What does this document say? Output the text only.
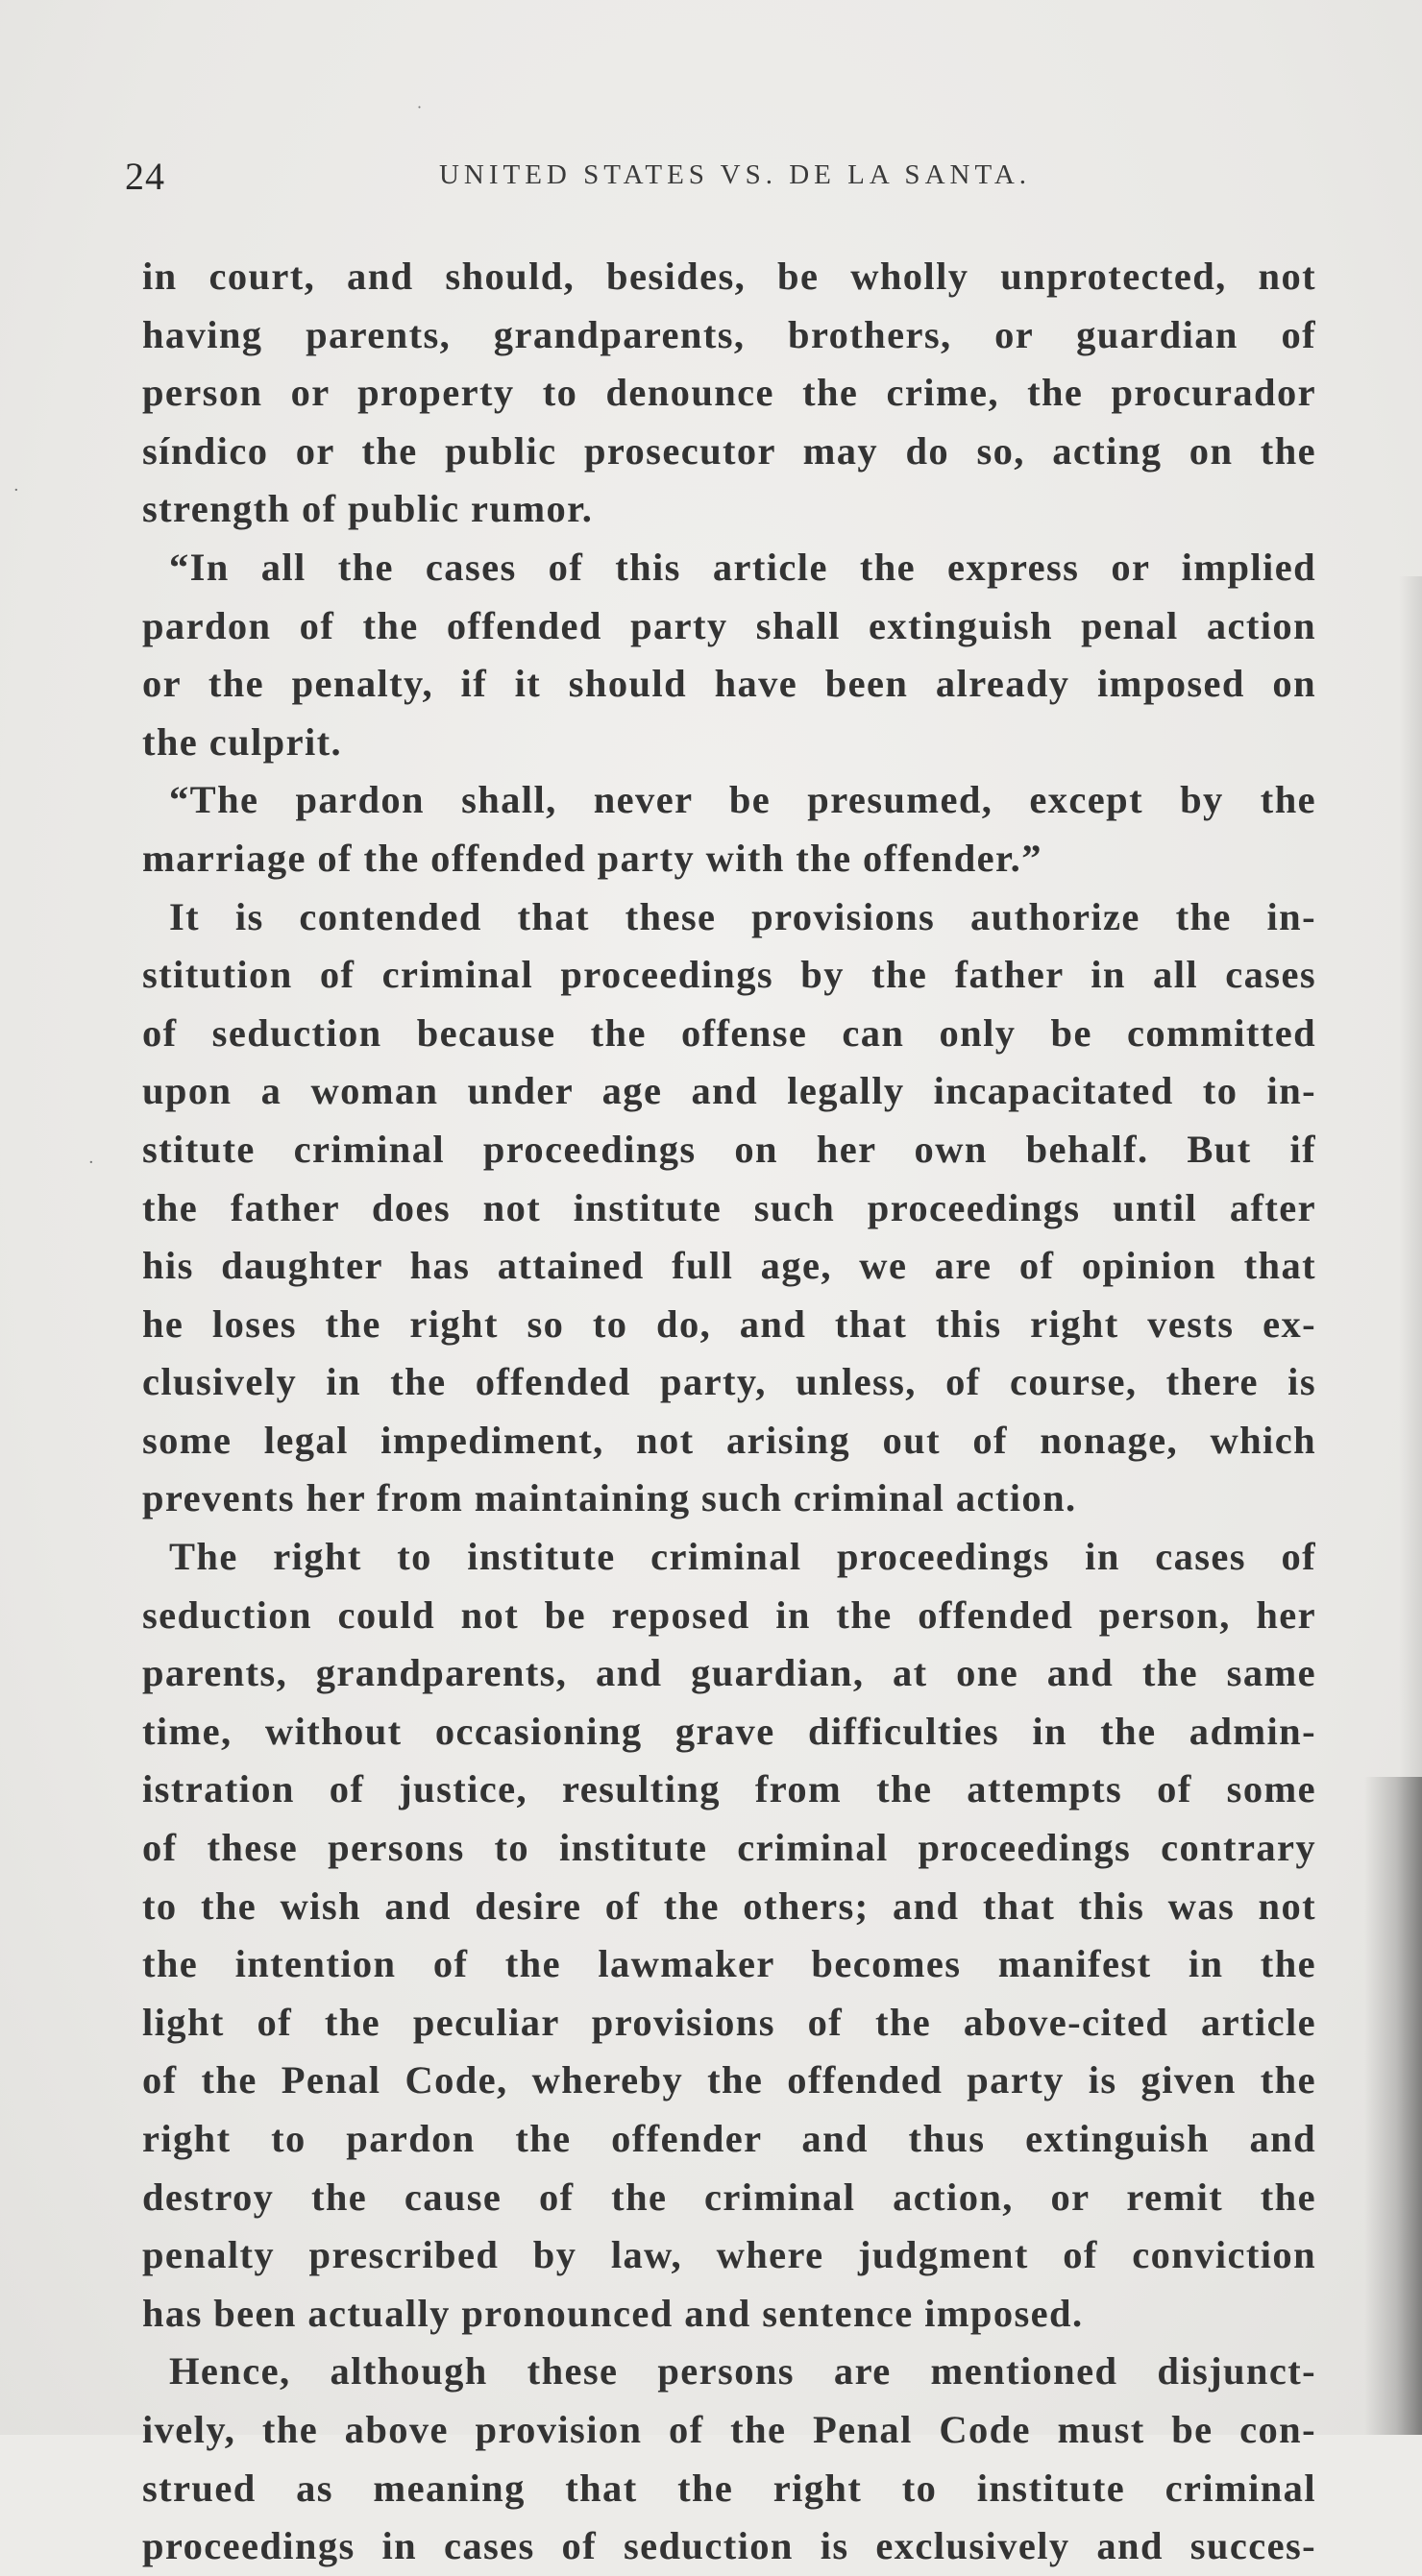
24	UNITED STATES VS. DE LA SANTA.
in court, and should, besides, be wholly unprotected, not
having parents, grandparents, brothers, or guardian of
person or property to denounce the crime, the procurador
síndico or the public prosecutor may do so, acting on the
strength of public rumor.
“In all the cases of this article the express or implied
pardon of the offended party shall extinguish penal action
or the penalty, if it should have been already imposed on
the culprit.
“The pardon shall, never be presumed, except by the
marriage of the offended party with the offender.”
It is contended that these provisions authorize the in-
stitution of criminal proceedings by the father in all cases
of seduction because the offense can only be committed
upon a woman under age and legally incapacitated to in-
stitute criminal proceedings on her own behalf. But if
the father does not institute such proceedings until after
his daughter has attained full age, we are of opinion that
he loses the right so to do, and that this right vests ex-
clusively in the offended party, unless, of course, there is
some legal impediment, not arising out of nonage, which
prevents her from maintaining such criminal action.
The right to institute criminal proceedings in cases of
seduction could not be reposed in the offended person, her
parents, grandparents, and guardian, at one and the same
time, without occasioning grave difficulties in the admin-
istration of justice, resulting from the attempts of some
of these persons to institute criminal proceedings contrary
to the wish and desire of the others; and that this was not
the intention of the lawmaker becomes manifest in the
light of the peculiar provisions of the above-cited article
of the Penal Code, whereby the offended party is given the
right to pardon the offender and thus extinguish and
destroy the cause of the criminal action, or remit the
penalty prescribed by law, where judgment of conviction
has been actually pronounced and sentence imposed.
Hence, although these persons are mentioned disjunct-
ively, the above provision of the Penal Code must be con-
strued as meaning that the right to institute criminal
proceedings in cases of seduction is exclusively and succes-
˙
·
·
